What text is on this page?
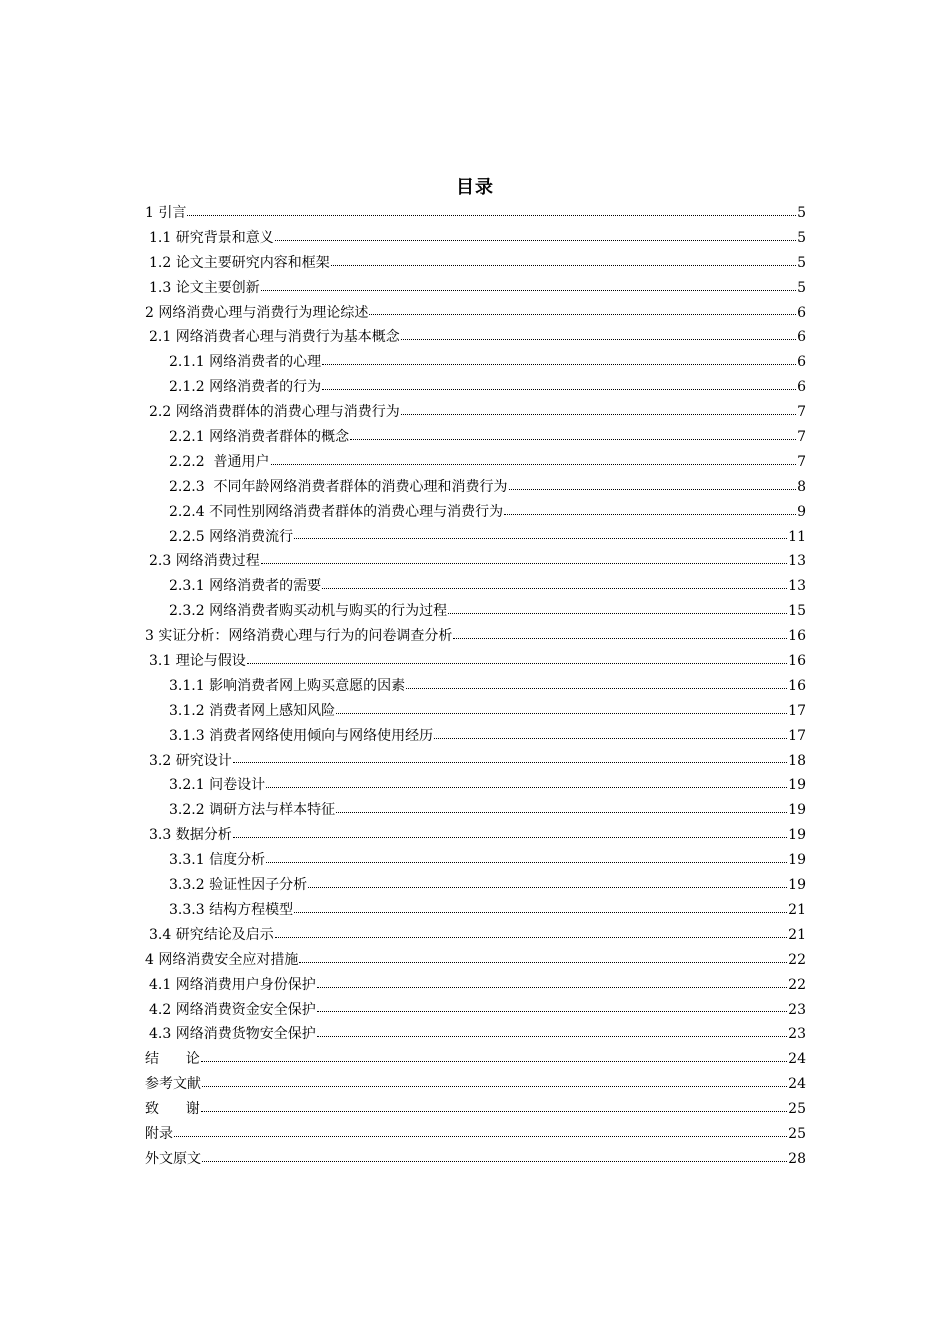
目录
1 引言	5
1.1 研究背景和意义	5
1.2 论文主要研究内容和框架	5
1.3 论文主要创新	5
2 网络消费心理与消费行为理论综述	6
2.1 网络消费者心理与消费行为基本概念	6
2.1.1 网络消费者的心理	6
2.1.2 网络消费者的行为	6
2.2 网络消费群体的消费心理与消费行为	7
2.2.1 网络消费者群体的概念	7
2.2.2  普通用户	7
2.2.3  不同年龄网络消费者群体的消费心理和消费行为	8
2.2.4 不同性别网络消费者群体的消费心理与消费行为	9
2.2.5 网络消费流行	11
2.3 网络消费过程	13
2.3.1 网络消费者的需要	13
2.3.2 网络消费者购买动机与购买的行为过程	15
3 实证分析：网络消费心理与行为的问卷调查分析	16
3.1 理论与假设	16
3.1.1 影响消费者网上购买意愿的因素	16
3.1.2 消费者网上感知风险	17
3.1.3 消费者网络使用倾向与网络使用经历	17
3.2 研究设计	18
3.2.1 问卷设计	19
3.2.2 调研方法与样本特征	19
3.3 数据分析	19
3.3.1 信度分析	19
3.3.2 验证性因子分析	19
3.3.3 结构方程模型	21
3.4 研究结论及启示	21
4 网络消费安全应对措施	22
4.1 网络消费用户身份保护	22
4.2 网络消费资金安全保护	23
4.3 网络消费货物安全保护	23
结      论	24
参考文献	24
致      谢	25
附录	25
外文原文	28
